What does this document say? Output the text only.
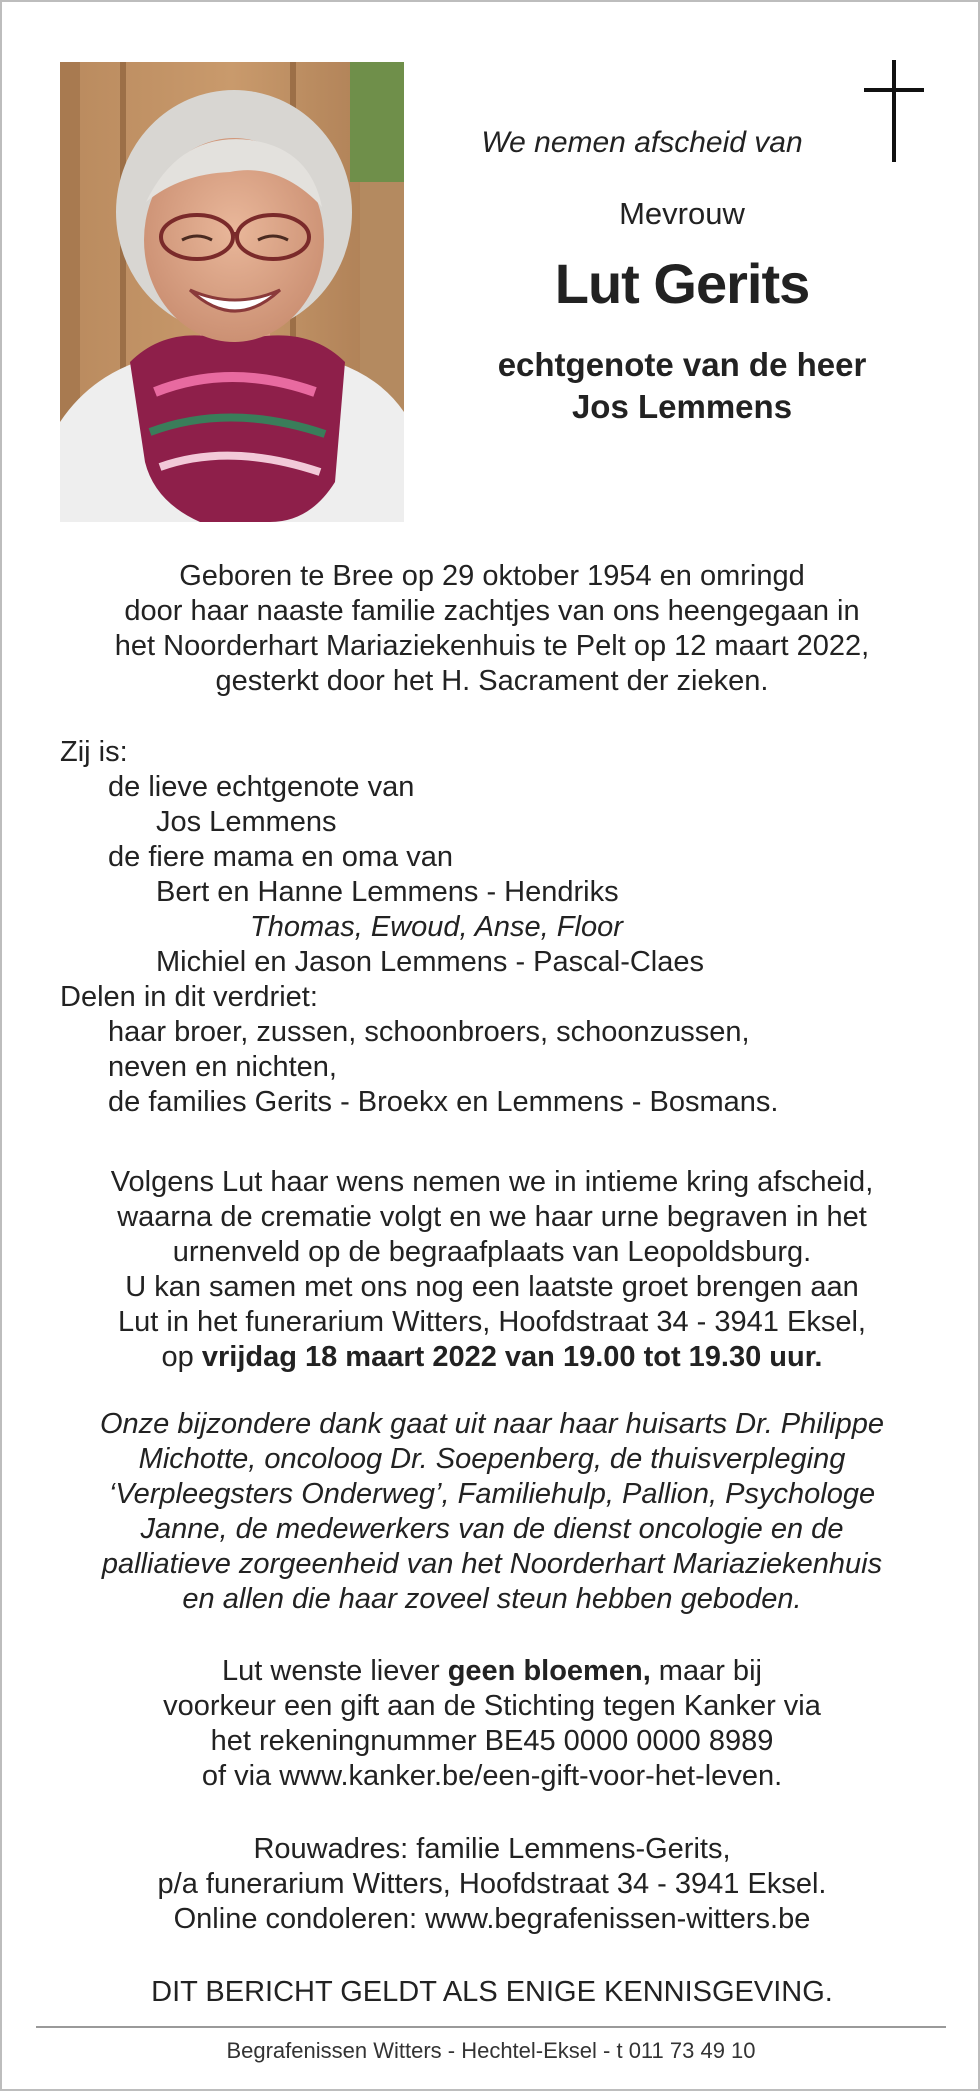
We nemen afscheid van
Mevrouw
Lut Gerits
echtgenote van de heer
Jos Lemmens
Geboren te Bree op 29 oktober 1954 en omringd
door haar naaste familie zachtjes van ons heengegaan in
het Noorderhart Mariaziekenhuis te Pelt op 12 maart 2022,
gesterkt door het H. Sacrament der zieken.
Zij is:
de lieve echtgenote van
Jos Lemmens
de fiere mama en oma van
Bert en Hanne Lemmens - Hendriks
Thomas, Ewoud, Anse, Floor
Michiel en Jason Lemmens - Pascal-Claes
Delen in dit verdriet:
haar broer, zussen, schoonbroers, schoonzussen,
neven en nichten,
de families Gerits - Broekx en Lemmens - Bosmans.
Volgens Lut haar wens nemen we in intieme kring afscheid,
waarna de crematie volgt en we haar urne begraven in het
urnenveld op de begraafplaats van Leopoldsburg.
U kan samen met ons nog een laatste groet brengen aan
Lut in het funerarium Witters, Hoofdstraat 34 - 3941 Eksel,
op vrijdag 18 maart 2022 van 19.00 tot 19.30 uur.
Onze bijzondere dank gaat uit naar haar huisarts Dr. Philippe
Michotte, oncoloog Dr. Soepenberg, de thuisverpleging
‘Verpleegsters Onderweg’, Familiehulp, Pallion, Psychologe
Janne, de medewerkers van de dienst oncologie en de
palliatieve zorgeenheid van het Noorderhart Mariaziekenhuis
en allen die haar zoveel steun hebben geboden.
Lut wenste liever geen bloemen, maar bij
voorkeur een gift aan de Stichting tegen Kanker via
het rekeningnummer BE45 0000 0000 8989
of via www.kanker.be/een-gift-voor-het-leven.
Rouwadres: familie Lemmens-Gerits,
p/a funerarium Witters, Hoofdstraat 34 - 3941 Eksel.
Online condoleren: www.begrafenissen-witters.be
DIT BERICHT GELDT ALS ENIGE KENNISGEVING.
Begrafenissen Witters - Hechtel-Eksel - t 011 73 49 10
